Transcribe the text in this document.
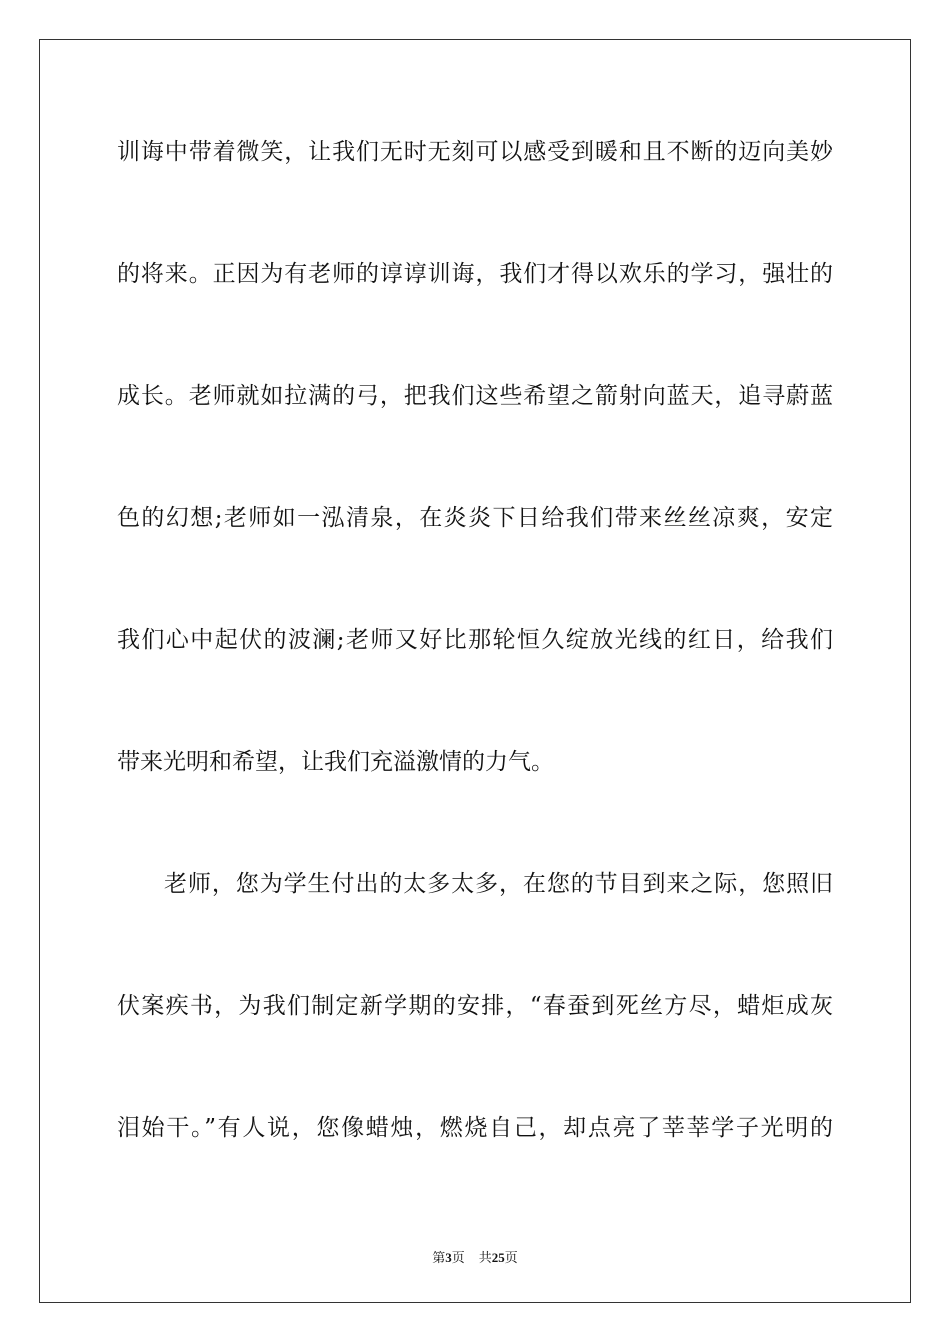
训诲中带着微笑，让我们无时无刻可以感受到暖和且不断的迈向美妙
的将来。正因为有老师的谆谆训诲，我们才得以欢乐的学习，强壮的
成长。老师就如拉满的弓，把我们这些希望之箭射向蓝天，追寻蔚蓝
色的幻想;老师如一泓清泉，在炎炎下日给我们带来丝丝凉爽，安定
我们心中起伏的波澜;老师又好比那轮恒久绽放光线的红日，给我们
带来光明和希望，让我们充溢激情的力气。
老师，您为学生付出的太多太多，在您的节目到来之际，您照旧
伏案疾书，为我们制定新学期的安排，“春蚕到死丝方尽，蜡炬成灰
泪始干。”有人说，您像蜡烛，燃烧自己，却点亮了莘莘学子光明的
第3页 共25页
